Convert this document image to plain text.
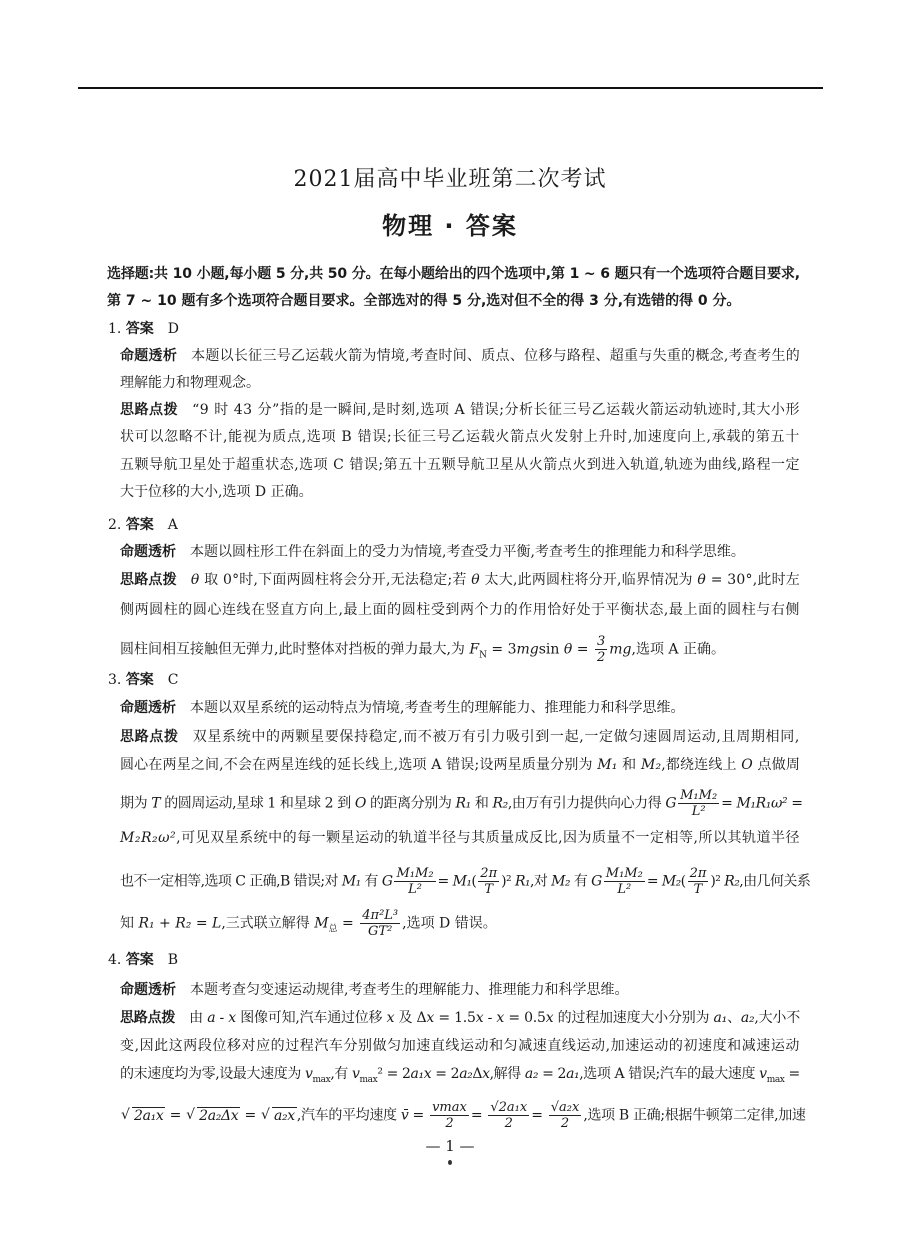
2021届高中毕业班第二次考试
物理 · 答案
选择题:共 10 小题,每小题 5 分,共 50 分。在每小题给出的四个选项中,第 1 ~ 6 题只有一个选项符合题目要求,
第 7 ~ 10 题有多个选项符合题目要求。全部选对的得 5 分,选对但不全的得 3 分,有选错的得 0 分。
1. 答案　D
命题透析 本题以长征三号乙运载火箭为情境,考查时间、质点、位移与路程、超重与失重的概念,考查考生的
理解能力和物理观念。
思路点拨 “9 时 43 分”指的是一瞬间,是时刻,选项 A 错误;分析长征三号乙运载火箭运动轨迹时,其大小形
状可以忽略不计,能视为质点,选项 B 错误;长征三号乙运载火箭点火发射上升时,加速度向上,承载的第五十
五颗导航卫星处于超重状态,选项 C 错误;第五十五颗导航卫星从火箭点火到进入轨道,轨迹为曲线,路程一定
大于位移的大小,选项 D 正确。
2. 答案　A
命题透析 本题以圆柱形工件在斜面上的受力为情境,考查受力平衡,考查考生的推理能力和科学思维。
思路点拨 θ 取 0°时,下面两圆柱将会分开,无法稳定;若 θ 太大,此两圆柱将分开,临界情况为 θ = 30°,此时左
侧两圆柱的圆心连线在竖直方向上,最上面的圆柱受到两个力的作用恰好处于平衡状态,最上面的圆柱与右侧
圆柱间相互接触但无弹力,此时整体对挡板的弹力最大,为 $F_N = 3mgsin$ $\theta = \frac{3}{2}$ mg,选项 A 正确。
3. 答案　C
命题透析 本题以双星系统的运动特点为情境,考查考生的理解能力、推理能力和科学思维。
思路点拨 双星系统中的两颗星要保持稳定,而不被万有引力吸引到一起,一定做匀速圆周运动,且周期相同,
圆心在两星之间,不会在两星连线的延长线上,选项 A 错误;设两星质量分别为 M₁ 和 M₂,都绕连线上 O 点做周
期为 T 的圆周运动,星球 1 和星球 2 到 O 的距离分别为 R₁ 和 R₂,由万有引力提供向心力得 G $\frac{\text{M₁M₂}}{\text{L²}} = M_1R_1\omega^2$ =
M₂R₂ω²,可见双星系统中的每一颗星运动的轨道半径与其质量成反比,因为质量不一定相等,所以其轨道半径
也不一定相等,选项 C 正确,B 错误;对 M₁ 有 G $\frac{\text{M₁M₂}}{\text{L²}} = M_1( \frac{2\pi}{T} )^2$ R₁,对 M₂ 有 G $\frac{\text{M₁M₂}}{\text{L²}} = M_2( \frac{2\pi}{T} )^2$ R₂,由几何关系
知 R₁ + R₂ = L,三式联立解得 $M_总 = \frac{\text{4π²L³}}{\text{GT²}}$ ,选项 D 错误。
4. 答案　B
命题透析 本题考查匀变速运动规律,考查考生的理解能力、推理能力和科学思维。
思路点拨 由 a - x 图像可知,汽车通过位移 x 及 Δx = 1.5x - x = 0.5x 的过程加速度大小分别为 a₁、a₂,大小不
变,因此这两段位移对应的过程汽车分别做匀加速直线运动和匀减速直线运动,加速运动的初速度和减速运动
的末速度均为零,设最大速度为 $v_{max}$,有 $v_{max}^2 = 2a_1x = 2a_2\Delta x$,解得 a₂ = 2a₁,选项 A 错误;汽车的最大速度 $v_{max}$ =
√ 2a₁x = √ 2a₂Δx = √ a₂x ,汽车的平均速度 v̄ = $\frac{vmax}{2} = \frac{\text{√2a₁x}}{2} = \frac{\text{√a₂x}}{2}$ ,选项 B 正确;根据牛顿第二定律,加速
— 1 —
